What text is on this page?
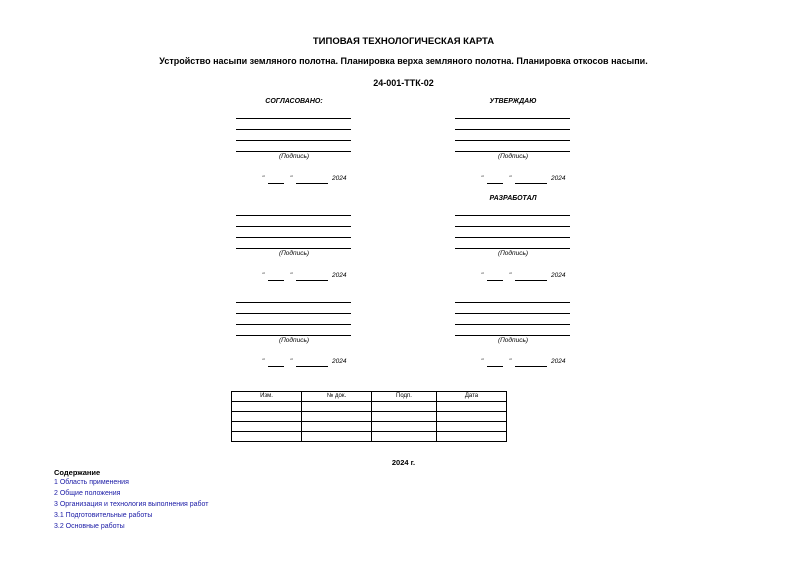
ТИПОВАЯ ТЕХНОЛОГИЧЕСКАЯ КАРТА
Устройство насыпи земляного полотна. Планировка верха земляного полотна. Планировка откосов насыпи.
24-001-ТТК-02
СОГЛАСОВАНО:	УТВЕРЖДАЮ
РАЗРАБОТАЛ
(Подпись)
"	"	2024
(Подпись)
"	"	2024
(Подпись)
"	"	2024
(Подпись)
"	"	2024
(Подпись)
"	"	2024
(Подпись)
"	"	2024
Изм.	№ док.	Подп.	Дата

2024 г.
Содержание
1 Область применения
2 Общие положения
3 Организация и технология выполнения работ
3.1 Подготовительные работы
3.2 Основные работы
